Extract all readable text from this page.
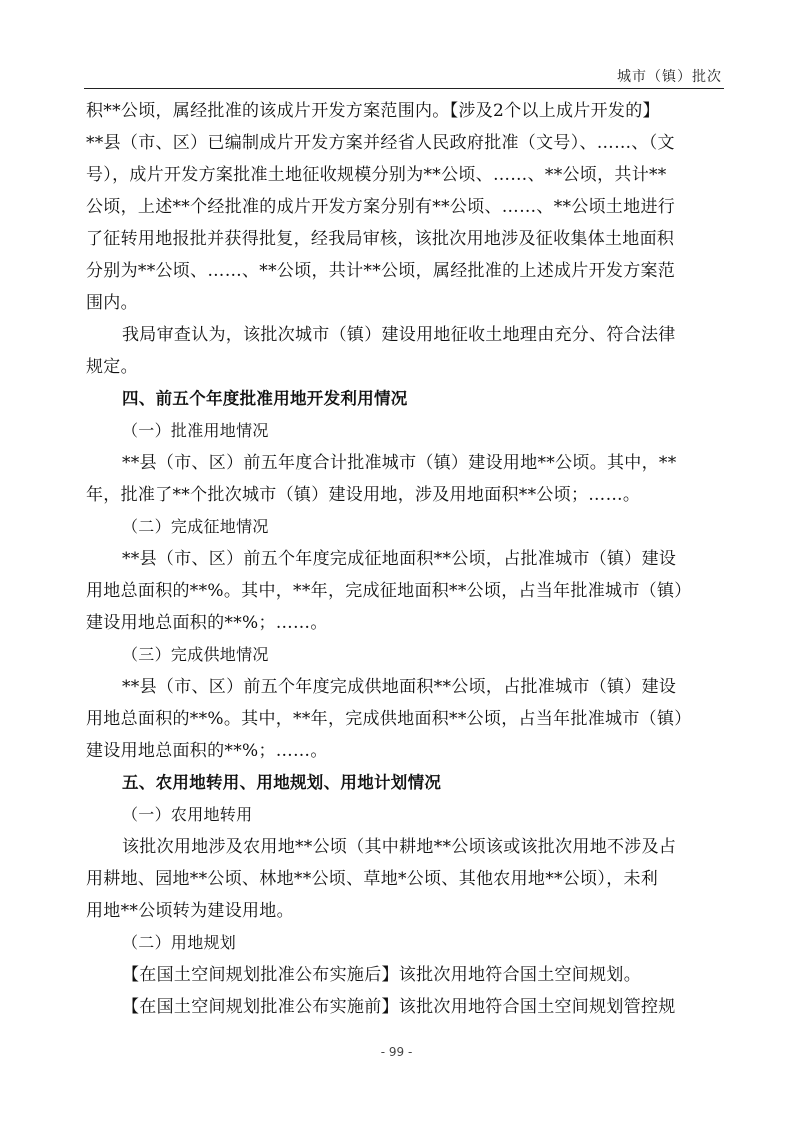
城市（镇）批次
积**公顷，属经批准的该成片开发方案范围内。【涉及2个以上成片开发的】
**县（市、区）已编制成片开发方案并经省人民政府批准（文号）、……、（文
号），成片开发方案批准土地征收规模分别为**公顷、……、**公顷，共计**
公顷，上述**个经批准的成片开发方案分别有**公顷、……、**公顷土地进行
了征转用地报批并获得批复，经我局审核，该批次用地涉及征收集体土地面积
分别为**公顷、……、**公顷，共计**公顷，属经批准的上述成片开发方案范
围内。
我局审查认为，该批次城市（镇）建设用地征收土地理由充分、符合法律
规定。
四、前五个年度批准用地开发利用情况
（一）批准用地情况
**县（市、区）前五年度合计批准城市（镇）建设用地**公顷。其中，**
年，批准了**个批次城市（镇）建设用地，涉及用地面积**公顷；……。
（二）完成征地情况
**县（市、区）前五个年度完成征地面积**公顷，占批准城市（镇）建设
用地总面积的**%。其中，**年，完成征地面积**公顷，占当年批准城市（镇）
建设用地总面积的**%；……。
（三）完成供地情况
**县（市、区）前五个年度完成供地面积**公顷，占批准城市（镇）建设
用地总面积的**%。其中，**年，完成供地面积**公顷，占当年批准城市（镇）
建设用地总面积的**%；……。
五、农用地转用、用地规划、用地计划情况
（一）农用地转用
该批次用地涉及农用地**公顷（其中耕地**公顷该或该批次用地不涉及占
用耕地、园地**公顷、林地**公顷、草地*公顷、其他农用地**公顷），未利
用地**公顷转为建设用地。
（二）用地规划
【在国土空间规划批准公布实施后】该批次用地符合国土空间规划。
【在国土空间规划批准公布实施前】该批次用地符合国土空间规划管控规
- 99 -
